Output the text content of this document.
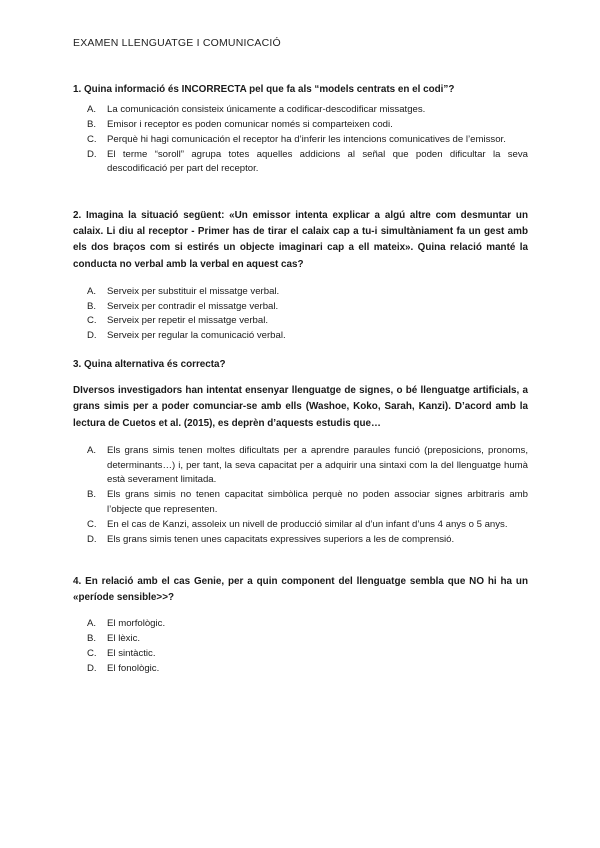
EXAMEN LLENGUATGE I COMUNICACIÓ

1. Quina informació és INCORRECTA pel que fa als “models centrats en el codi”?

A. La comunicación consisteix únicamente a codificar-descodificar missatges.
B. Emisor i receptor es poden comunicar només si comparteixen codi.
C. Perquè hi hagi comunicación el receptor ha d’inferir les intencions comunicatives de l’emissor.
D. El terme “soroll” agrupa totes aquelles addicions al señal que poden dificultar la seva descodificació per part del receptor.

2. Imagina la situació següent: «Un emissor intenta explicar a algú altre com desmuntar un calaix. Li diu al receptor - Primer has de tirar el calaix cap a tu-i simultàniament fa un gest amb els dos braços com si estirés un objecte imaginari cap a ell mateix». Quina relació manté la conducta no verbal amb la verbal en aquest cas?

A. Serveix per substituir el missatge verbal.
B. Serveix per contradir el missatge verbal.
C. Serveix per repetir el missatge verbal.
D. Serveix per regular la comunicació verbal.

3. Quina alternativa és correcta?

DIversos investigadors han intentat ensenyar llenguatge de signes, o bé llenguatge artificials, a grans simis per a poder comunciar-se amb ells (Washoe, Koko, Sarah, Kanzi). D’acord amb la lectura de Cuetos et al. (2015), es deprèn d’aquests estudis que…

A. Els grans simis tenen moltes dificultats per a aprendre paraules funció (preposicions, pronoms, determinants…) i, per tant, la seva capacitat per a adquirir una sintaxi com la del llenguatge humà està severament limitada.
B. Els grans simis no tenen capacitat simbòlica perquè no poden associar signes arbitraris amb l’objecte que representen.
C. En el cas de Kanzi, assoleix un nivell de producció similar al d’un infant d’uns 4 anys o 5 anys.
D. Els grans simis tenen unes capacitats expressives superiors a les de comprensió.

4. En relació amb el cas Genie, per a quin component del llenguatge sembla que NO hi ha un «període sensible>>?

A. El morfològic.
B. El lèxic.
C. El sintàctic.
D. El fonològic.
